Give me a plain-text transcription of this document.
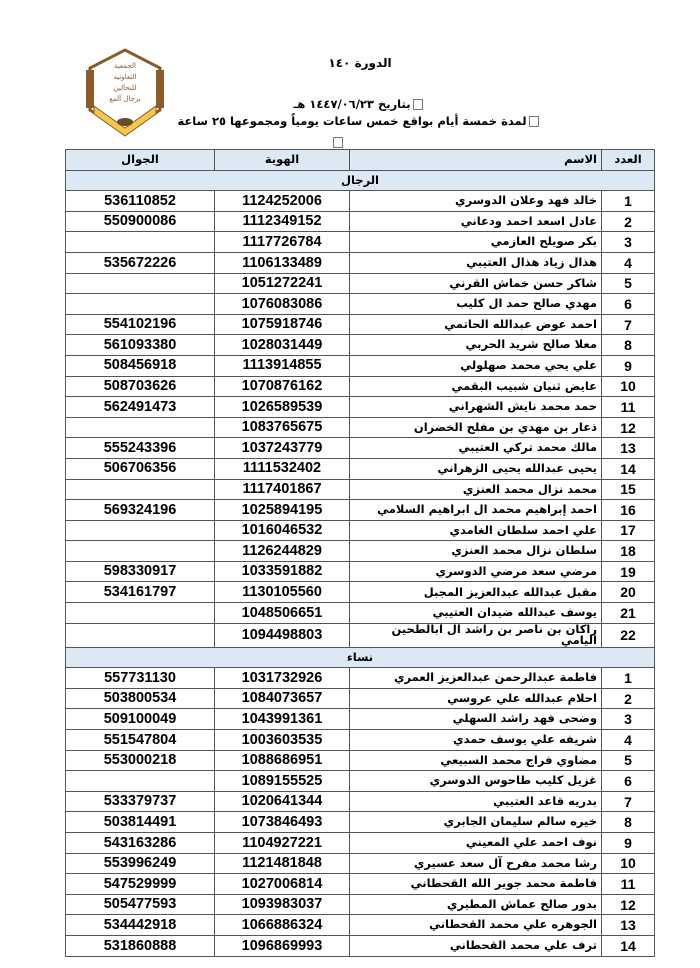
الجمعية
التعاونية
للنحالين
برجال ألمع
الدورة ١٤٠
بتاريخ ١٤٤٧/٠٦/٢٣ هـ
لمدة خمسة أيام بواقع خمس ساعات يومياً ومجموعها ٢٥ ساعة
العدد	الاسم	الهوية	الجوال
الرجال			
1	خالد فهد وعلان الدوسري	1124252006	536110852
2	عادل اسعد احمد ودعاني	1112349152	550900086
3	بكر صويلح العازمي	1117726784	
4	هذال زياد هذال العتيبي	1106133489	535672226
5	شاكر حسن خماش القرني	1051272241	
6	مهدي صالح حمد ال كليب	1076083086	
7	احمد عوض عبدالله الحاتمي	1075918746	554102196
8	معلا صالح شريد الحربي	1028031449	561093380
9	علي يحي محمد صهلولي	1113914855	508456918
10	عايض ثنيان شبيب البقمي	1070876162	508703626
11	حمد محمد نايش الشهراني	1026589539	562491473
12	ذعار بن مهدي بن مفلح الخضران	1083765675	
13	مالك محمد تركي العتيبي	1037243779	555243396
14	يحيى عبدالله يحيى الزهراني	1111532402	506706356
15	محمد نزال محمد العنزي	1117401867	
16	احمد إبراهيم محمد ال ابراهيم السلامي	1025894195	569324196
17	علي احمد سلطان الغامدي	1016046532	
18	سلطان نزال محمد العنزي	1126244829	
19	مرضي سعد مرضي الدوسري	1033591882	598330917
20	مقبل عبدالله عبدالعزيز المجبل	1130105560	534161797
21	يوسف عبدالله ضيدان العتيبي	1048506651	
22	راكان بن ناصر بن راشد ال ابالطحين اليامي	1094498803	
نساء			
1	فاطمة عبدالرحمن عبدالعزيز العمري	1031732926	557731130
2	احلام عبدالله علي عروسي	1084073657	503800534
3	وضحى فهد راشد السهلي	1043991361	509100049
4	شريفه علي يوسف حمدي	1003603535	551547804
5	مضاوي فراج محمد السبيعي	1088686951	553000218
6	غزيل كليب طاحوس الدوسري	1089155525	
7	بدريه قاعد العتيبي	1020641344	533379737
8	خيره سالم سليمان الجابري	1073846493	503814491
9	نوف احمد علي المعيني	1104927221	543163286
10	رشا محمد مفرح آل سعد عسيري	1121481848	553996249
11	فاطمة محمد جوير الله القحطاني	1027006814	547529999
12	بدور صالح عماش المطيري	1093983037	505477593
13	الجوهره علي محمد القحطاني	1066886324	534442918
14	ترف علي محمد القحطاني	1096869993	531860888
